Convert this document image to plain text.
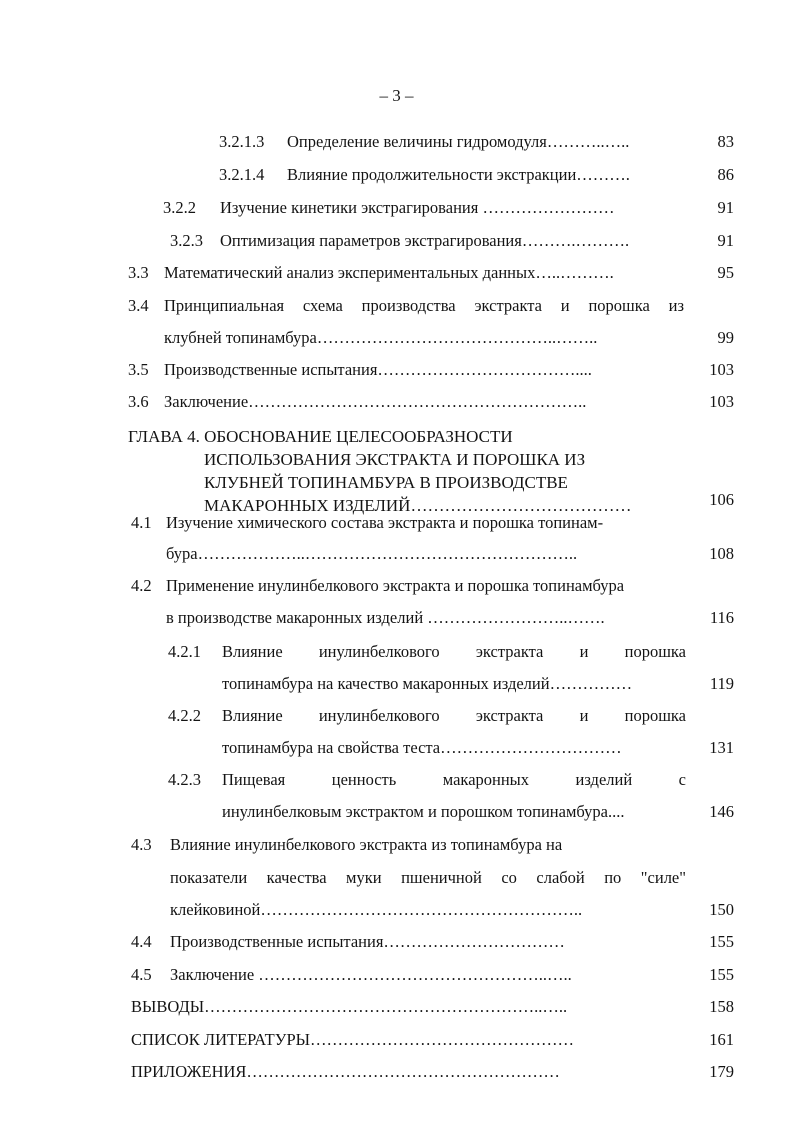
– 3 –
3.2.1.3 Определение величины гидромодуля………..…..	83
3.2.1.4 Влияние продолжительности экстракции……….	86
3.2.2 Изучение кинетики экстрагирования ……………………	91
3.2.3 Оптимизация параметров экстрагирования……….……….	91
3.3 Математический анализ экспериментальных данных…..……….	95
3.4 Принципиальная схема производства экстракта и порошка из
клубней топинамбура……………………………………..……..	99
3.5 Производственные испытания………………………………....	103
3.6 Заключение……………………………………………………..	103
ГЛАВА 4. ОБОСНОВАНИЕ ЦЕЛЕСООБРАЗНОСТИ
ИСПОЛЬЗОВАНИЯ ЭКСТРАКТА И ПОРОШКА ИЗ
КЛУБНЕЙ ТОПИНАМБУРА В ПРОИЗВОДСТВЕ
МАКАРОННЫХ ИЗДЕЛИЙ…………………………………	106
4.1 Изучение химического состава экстракта и порошка топинам-
бура………………..…………………………………………..	108
4.2 Применение инулинбелкового экстракта и порошка топинамбура
в производстве макаронных изделий ……………………..…….	116
4.2.1 Влияние инулинбелкового экстракта и порошка
топинамбура на качество макаронных изделий……………	119
4.2.2 Влияние инулинбелкового экстракта и порошка
топинамбура на свойства теста……………………………	131
4.2.3 Пищевая ценность макаронных изделий с
инулинбелковым экстрактом и порошком топинамбура....	146
4.3 Влияние инулинбелкового экстракта из топинамбура на
показатели качества муки пшеничной со слабой по "силе"
клейковиной…………………………………………………..	150
4.4 Производственные испытания……………………………	155
4.5 Заключение ……………………………………………..…..	155
ВЫВОДЫ……………………………………………………..…..	158
СПИСОК ЛИТЕРАТУРЫ…………………………………………	161
ПРИЛОЖЕНИЯ…………………………………………………	179
